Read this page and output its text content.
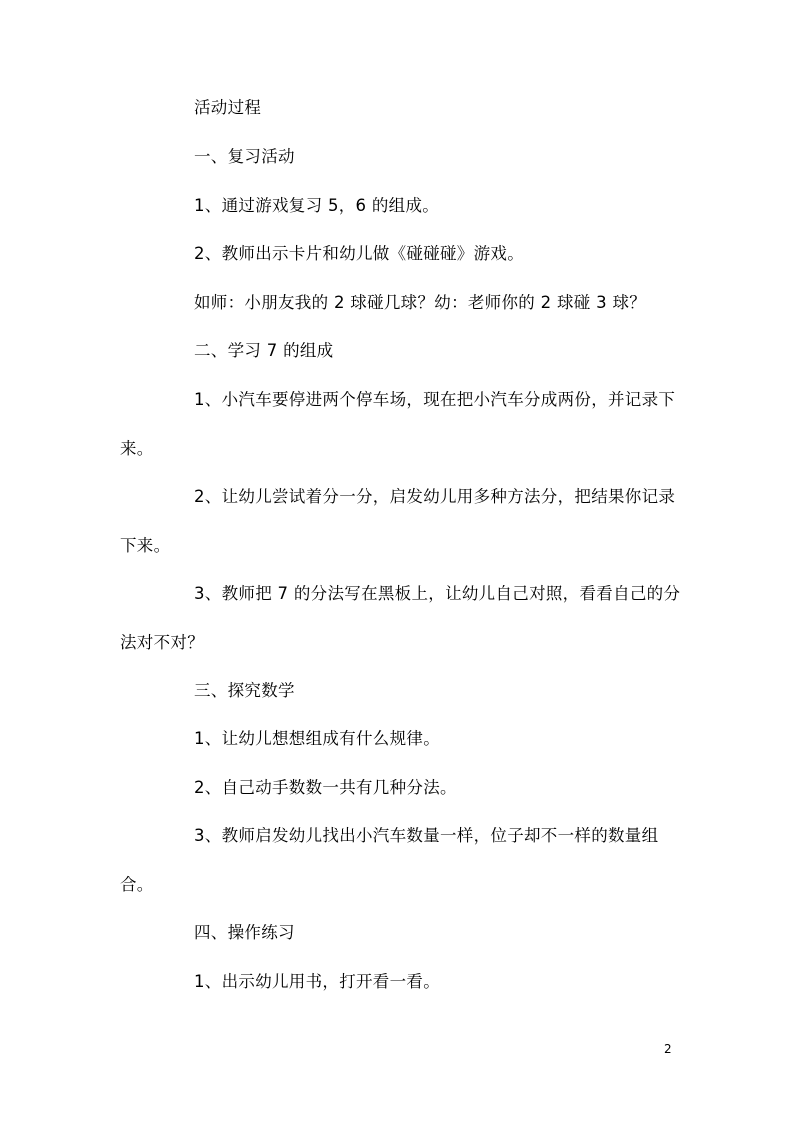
活动过程

一、复习活动

1、通过游戏复习 5，6 的组成。

2、教师出示卡片和幼儿做《碰碰碰》游戏。

如师：小朋友我的 2 球碰几球？幼：老师你的 2 球碰 3 球？

二、学习 7 的组成

1、小汽车要停进两个停车场，现在把小汽车分成两份，并记录下来。

2、让幼儿尝试着分一分，启发幼儿用多种方法分，把结果你记录下来。

3、教师把 7 的分法写在黑板上，让幼儿自己对照，看看自己的分法对不对？

三、探究数学

1、让幼儿想想组成有什么规律。

2、自己动手数数一共有几种分法。

3、教师启发幼儿找出小汽车数量一样，位子却不一样的数量组合。

四、操作练习

1、出示幼儿用书，打开看一看。

2
